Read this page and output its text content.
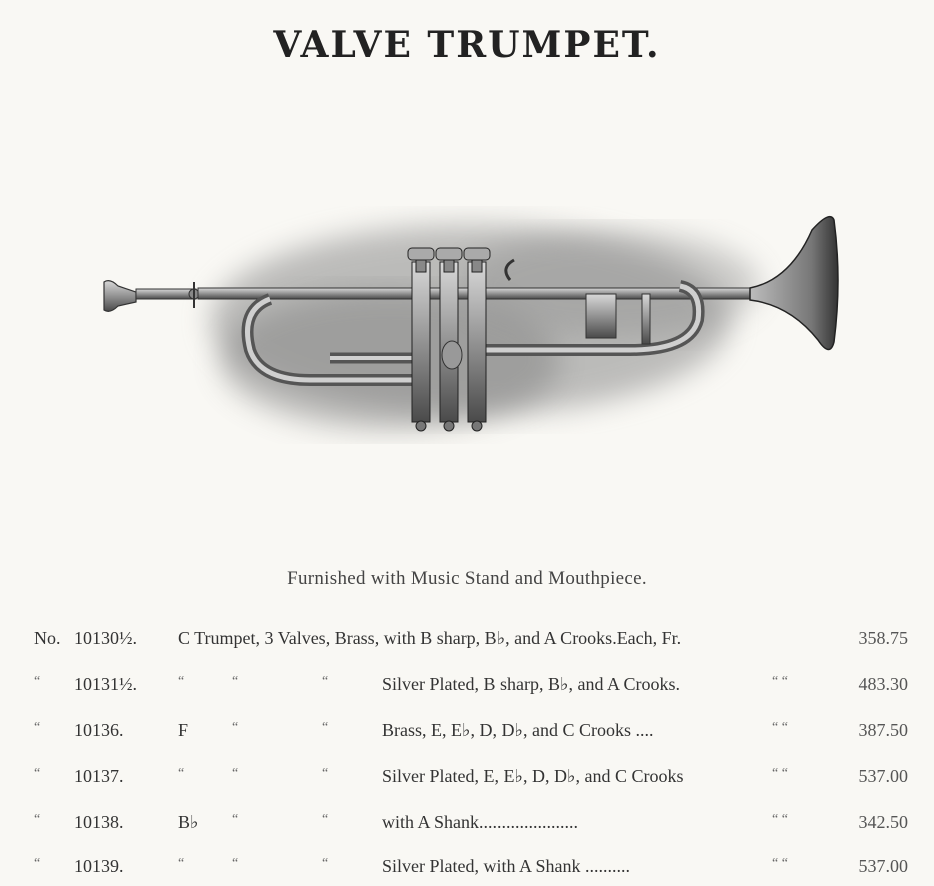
VALVE TRUMPET.
Furnished with Music Stand and Mouthpiece.
No. 10130½. C Trumpet, 3 Valves, Brass, with B sharp, B♭, and A Crooks.Each, Fr.	358.75
“ 10131½.	“	“	“	Silver Plated, B sharp, B♭, and A Crooks.	“ “	483.30
“ 10136.	F	“	“	Brass, E, E♭, D, D♭, and C Crooks ....	“ “	387.50
“ 10137.	“	“	“	Silver Plated, E, E♭, D, D♭, and C Crooks	“ “	537.00
“ 10138.	B♭ “	“	with A Shank......................	“ “	342.50
“ 10139.	“	“	“	Silver Plated, with A Shank ..........	“ “	537.00
